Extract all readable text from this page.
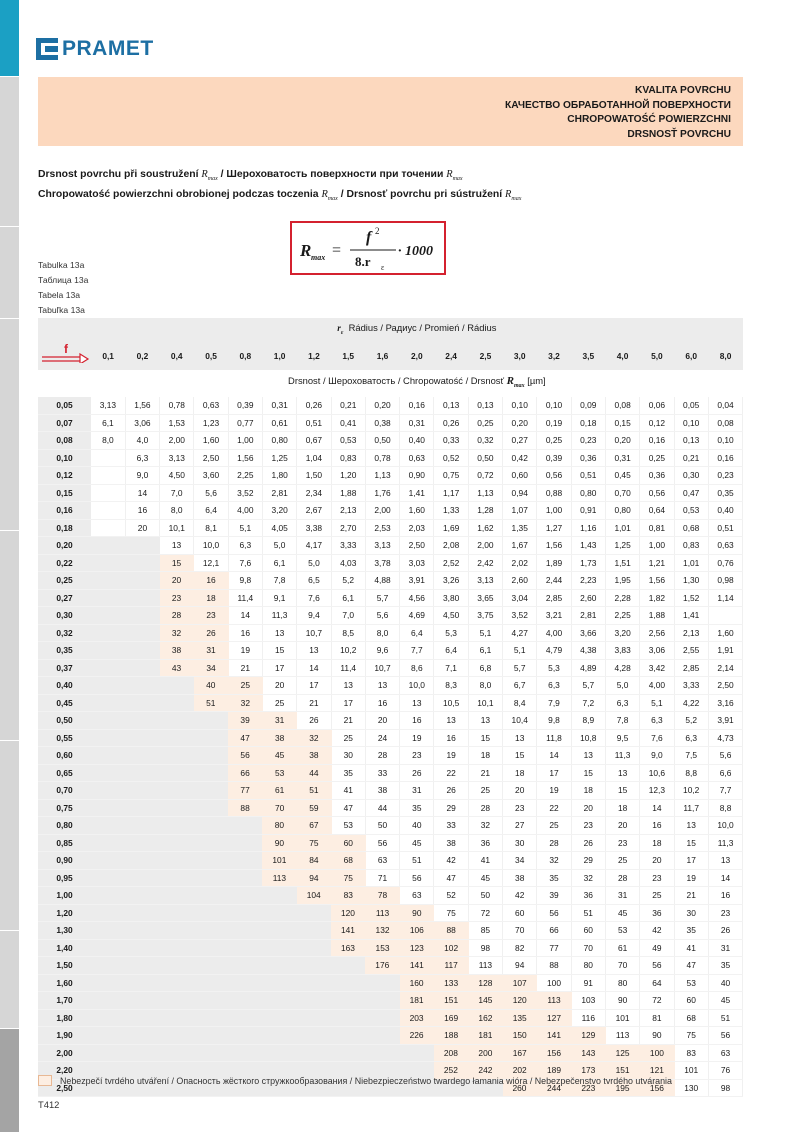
PRAMET
KVALITA POVRCHU
КАЧЕСТВО ОБРАБОТАННОЙ ПОВЕРХНОСТИ
CHROPOWATOŚĆ POWIERZCHNI
DRSNOSŤ POVRCHU
Drsnost povrchu při soustružení $R_{max}$ / Шероховатость поверхности при точении $R_{max}$
Chropowatość powierzchni obrobionej podczas toczenia $R_{max}$ / Drsnosť povrchu pri sústružení $R_{max}$
Tabulka 13a
Таблица 13a
Tabela 13a
Tabuľka 13a
R max =
f 2
8.r ε
· 1000
	$r_\varepsilon$ Rádius / Радиус / Promień / Rádius																		

f	0,1	0,2	0,4	0,5	0,8	1,0	1,2	1,5	1,6	2,0	2,4	2,5	3,0	3,2	3,5	4,0	5,0	6,0	8,0
	Drsnost / Шероховатость / Chropowatość / Drsnosť $R_{max}$ [µm]																		
0,05	3,13	1,56	0,78	0,63	0,39	0,31	0,26	0,21	0,20	0,16	0,13	0,13	0,10	0,10	0,09	0,08	0,06	0,05	0,04
0,07	6,1	3,06	1,53	1,23	0,77	0,61	0,51	0,41	0,38	0,31	0,26	0,25	0,20	0,19	0,18	0,15	0,12	0,10	0,08
0,08	8,0	4,0	2,00	1,60	1,00	0,80	0,67	0,53	0,50	0,40	0,33	0,32	0,27	0,25	0,23	0,20	0,16	0,13	0,10
0,10		6,3	3,13	2,50	1,56	1,25	1,04	0,83	0,78	0,63	0,52	0,50	0,42	0,39	0,36	0,31	0,25	0,21	0,16
0,12		9,0	4,50	3,60	2,25	1,80	1,50	1,20	1,13	0,90	0,75	0,72	0,60	0,56	0,51	0,45	0,36	0,30	0,23
0,15		14	7,0	5,6	3,52	2,81	2,34	1,88	1,76	1,41	1,17	1,13	0,94	0,88	0,80	0,70	0,56	0,47	0,35
0,16		16	8,0	6,4	4,00	3,20	2,67	2,13	2,00	1,60	1,33	1,28	1,07	1,00	0,91	0,80	0,64	0,53	0,40
0,18		20	10,1	8,1	5,1	4,05	3,38	2,70	2,53	2,03	1,69	1,62	1,35	1,27	1,16	1,01	0,81	0,68	0,51
0,20			13	10,0	6,3	5,0	4,17	3,33	3,13	2,50	2,08	2,00	1,67	1,56	1,43	1,25	1,00	0,83	0,63
0,22			15	12,1	7,6	6,1	5,0	4,03	3,78	3,03	2,52	2,42	2,02	1,89	1,73	1,51	1,21	1,01	0,76
0,25			20	16	9,8	7,8	6,5	5,2	4,88	3,91	3,26	3,13	2,60	2,44	2,23	1,95	1,56	1,30	0,98
0,27			23	18	11,4	9,1	7,6	6,1	5,7	4,56	3,80	3,65	3,04	2,85	2,60	2,28	1,82	1,52	1,14
0,30			28	23	14	11,3	9,4	7,0	5,6	4,69	4,50	3,75	3,52	3,21	2,81	2,25	1,88	1,41	
0,32			32	26	16	13	10,7	8,5	8,0	6,4	5,3	5,1	4,27	4,00	3,66	3,20	2,56	2,13	1,60
0,35			38	31	19	15	13	10,2	9,6	7,7	6,4	6,1	5,1	4,79	4,38	3,83	3,06	2,55	1,91
0,37			43	34	21	17	14	11,4	10,7	8,6	7,1	6,8	5,7	5,3	4,89	4,28	3,42	2,85	2,14
0,40				40	25	20	17	13	13	10,0	8,3	8,0	6,7	6,3	5,7	5,0	4,00	3,33	2,50
0,45				51	32	25	21	17	16	13	10,5	10,1	8,4	7,9	7,2	6,3	5,1	4,22	3,16
0,50					39	31	26	21	20	16	13	13	10,4	9,8	8,9	7,8	6,3	5,2	3,91
0,55					47	38	32	25	24	19	16	15	13	11,8	10,8	9,5	7,6	6,3	4,73
0,60					56	45	38	30	28	23	19	18	15	14	13	11,3	9,0	7,5	5,6
0,65					66	53	44	35	33	26	22	21	18	17	15	13	10,6	8,8	6,6
0,70					77	61	51	41	38	31	26	25	20	19	18	15	12,3	10,2	7,7
0,75					88	70	59	47	44	35	29	28	23	22	20	18	14	11,7	8,8
0,80						80	67	53	50	40	33	32	27	25	23	20	16	13	10,0
0,85						90	75	60	56	45	38	36	30	28	26	23	18	15	11,3
0,90						101	84	68	63	51	42	41	34	32	29	25	20	17	13
0,95						113	94	75	71	56	47	45	38	35	32	28	23	19	14
1,00							104	83	78	63	52	50	42	39	36	31	25	21	16
1,20								120	113	90	75	72	60	56	51	45	36	30	23
1,30								141	132	106	88	85	70	66	60	53	42	35	26
1,40								163	153	123	102	98	82	77	70	61	49	41	31
1,50									176	141	117	113	94	88	80	70	56	47	35
1,60										160	133	128	107	100	91	80	64	53	40
1,70										181	151	145	120	113	103	90	72	60	45
1,80										203	169	162	135	127	116	101	81	68	51
1,90										226	188	181	150	141	129	113	90	75	56
2,00											208	200	167	156	143	125	100	83	63
2,20											252	242	202	189	173	151	121	101	76
2,50													260	244	223	195	156	130	98
Nebezpečí tvrdého utváření / Опасность жёсткого стружкообразования / Niebezpieczeństwo twardego łamania wióra / Nebezpečenstvo tvrdého utvárania
T412
